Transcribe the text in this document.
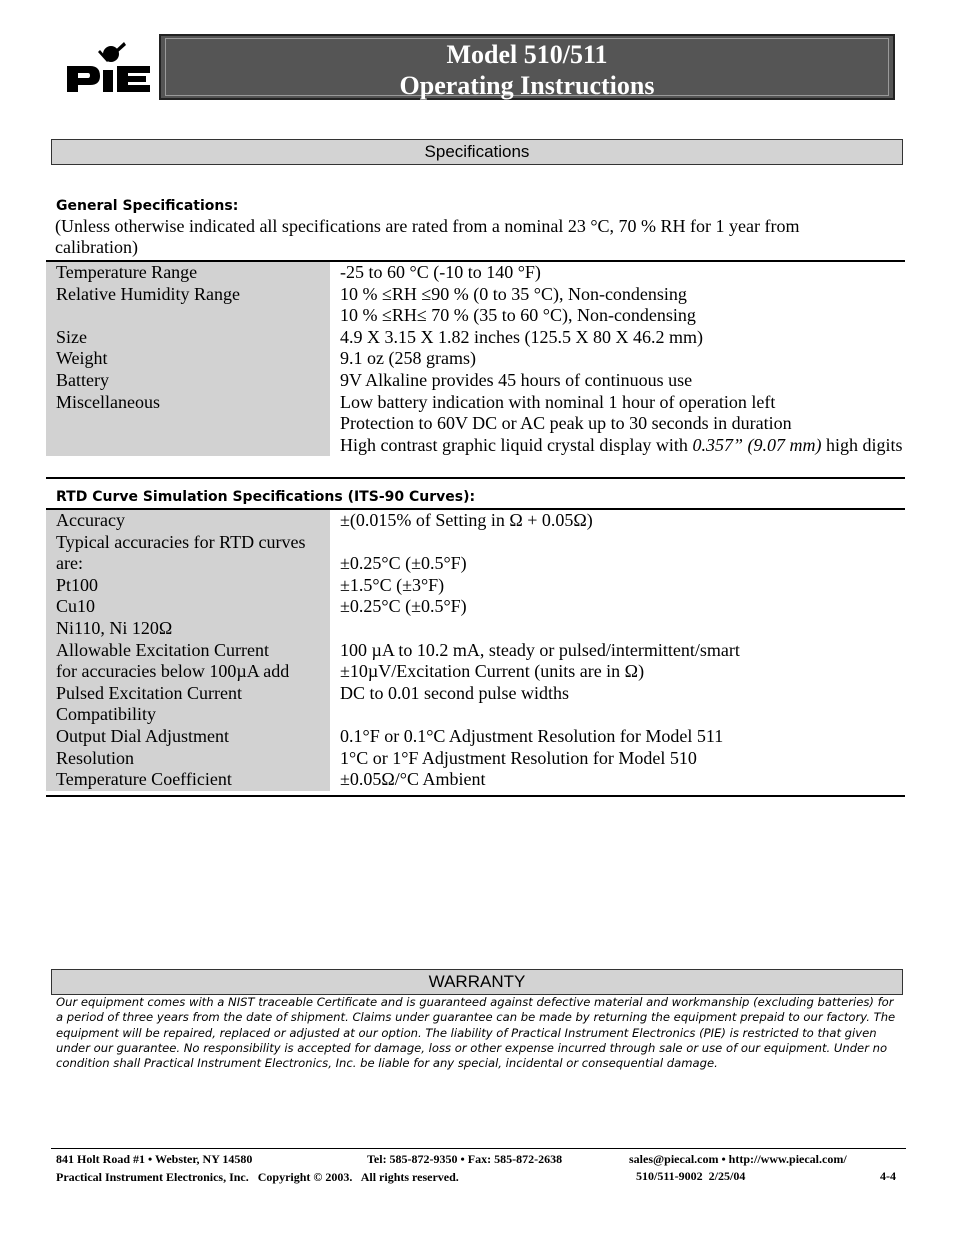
Model 510/511
Operating Instructions
Specifications
General Specifications:
(Unless otherwise indicated all specifications are rated from a nominal 23 °C, 70 % RH for 1 year from calibration)
Temperature Range		-25 to 60 °C (-10 to 140 °F)
Relative Humidity Range		10 % ≤RH ≤90 % (0 to 35 °C), Non-condensing
		10 % ≤RH≤ 70 % (35 to 60 °C), Non-condensing
Size		4.9 X 3.15 X 1.82 inches (125.5 X 80 X 46.2 mm)
Weight		9.1 oz (258 grams)
Battery		9V Alkaline provides 45 hours of continuous use
Miscellaneous		Low battery indication with nominal 1 hour of operation left
		Protection to 60V DC or AC peak up to 30 seconds in duration
		High contrast graphic liquid crystal display with 0.357” (9.07 mm) high digits
RTD Curve Simulation Specifications (ITS-90 Curves):
Accuracy		±(0.015% of Setting in Ω + 0.05Ω)
Typical accuracies for RTD curves are:		±0.25°C (±0.5°F)
Pt100		±1.5°C (±3°F)
Cu10		±0.25°C (±0.5°F)
Ni110, Ni 120Ω		
Allowable Excitation Current		100 µA to 10.2 mA, steady or pulsed/intermittent/smart
for accuracies below 100µA add		±10µV/Excitation Current (units are in Ω)
Pulsed Excitation Current Compatibility		DC to 0.01 second pulse widths
Output Dial Adjustment		0.1°F or 0.1°C Adjustment Resolution for Model 511
Resolution		1°C or 1°F Adjustment Resolution for Model 510
Temperature Coefficient		±0.05Ω/°C Ambient
WARRANTY
Our equipment comes with a NIST traceable Certificate and is guaranteed against defective material and workmanship (excluding batteries) for a period of three years from the date of shipment. Claims under guarantee can be made by returning the equipment prepaid to our factory. The equipment will be repaired, replaced or adjusted at our option. The liability of Practical Instrument Electronics (PIE) is restricted to that given under our guarantee. No responsibility is accepted for damage, loss or other expense incurred through sale or use of our equipment. Under no condition shall Practical Instrument Electronics, Inc. be liable for any special, incidental or consequential damage.
841 Holt Road #1 • Webster, NY 14580	Tel: 585-872-9350 • Fax: 585-872-2638	sales@piecal.com • http://www.piecal.com/
Practical Instrument Electronics, Inc.   Copyright © 2003.   All rights reserved.	510/511-9002  2/25/04	4-4
